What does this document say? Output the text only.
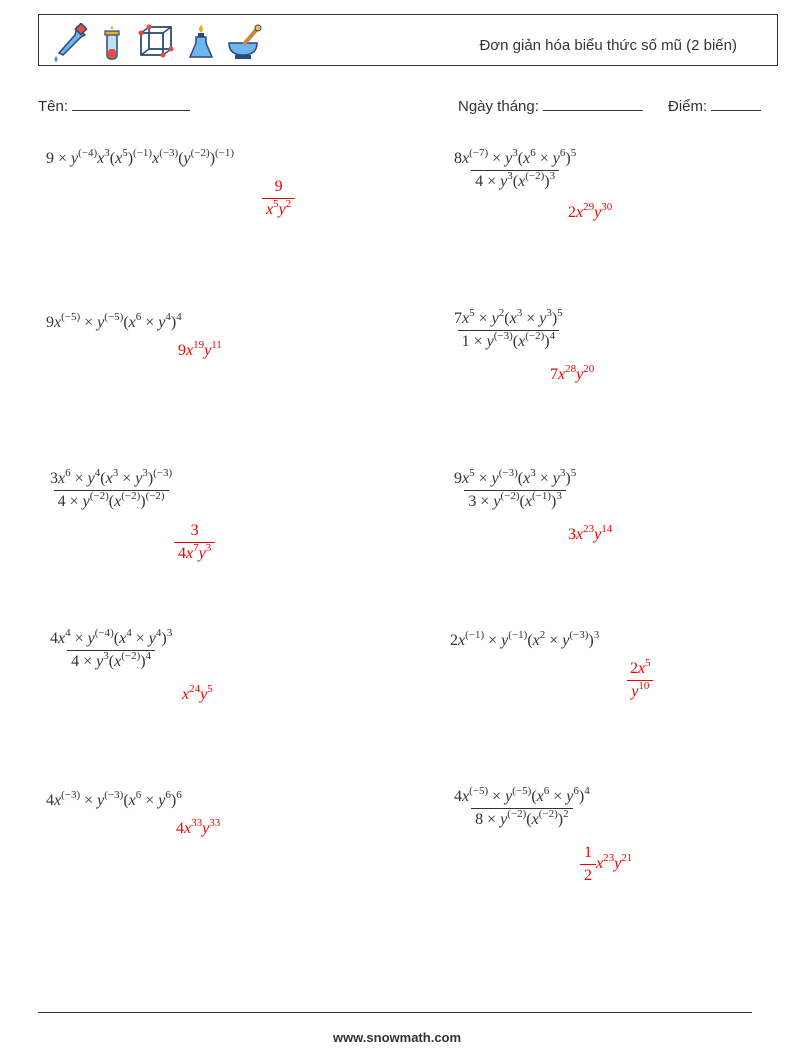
Đơn giản hóa biểu thức số mũ (2 biến)
Tên:	Ngày tháng:	Điểm:
$9 \times y^{(-4)}x^3(x^5)^{(-1)}x^{(-3)}(y^{(-2)})^{(-1)}$
$\frac{9}{x^5y^2}$
$\frac{8x^{(-7)} \times y^3(x^6 \times y^6)^5}{4 \times y^3(x^{(-2)})^3}$
$2x^{29}y^{30}$
$9x^{(-5)} \times y^{(-5)}(x^6 \times y^4)^4$
$9x^{19}y^{11}$	$\frac{7x^5 \times y^2(x^3 \times y^3)^5}{1 \times y^{(-3)}(x^{(-2)})^4}$
$7x^{28}y^{20}$
$\frac{3x^6 \times y^4(x^3 \times y^3)^{(-3)}}{4 \times y^{(-2)}(x^{(-2)})^{(-2)}}$
$\frac{3}{4x^7y^3}$
$\frac{9x^5 \times y^{(-3)}(x^3 \times y^3)^5}{3 \times y^{(-2)}(x^{(-1)})^3}$
$3x^{23}y^{14}$
$\frac{4x^4 \times y^{(-4)}(x^4 \times y^4)^3}{4 \times y^3(x^{(-2)})^4}$
$x^{24}y^5$
$2x^{(-1)} \times y^{(-1)}(x^2 \times y^{(-3)})^3$
$\frac{2x^5}{y^{10}}$
$4x^{(-3)} \times y^{(-3)}(x^6 \times y^6)^6$
$4x^{33}y^{33}$	$\frac{4x^{(-5)} \times y^{(-5)}(x^6 \times y^6)^4}{8 \times y^{(-2)}(x^{(-2)})^2}$
$\frac{1}{2} x^{23}y^{21}$
www.snowmath.com
